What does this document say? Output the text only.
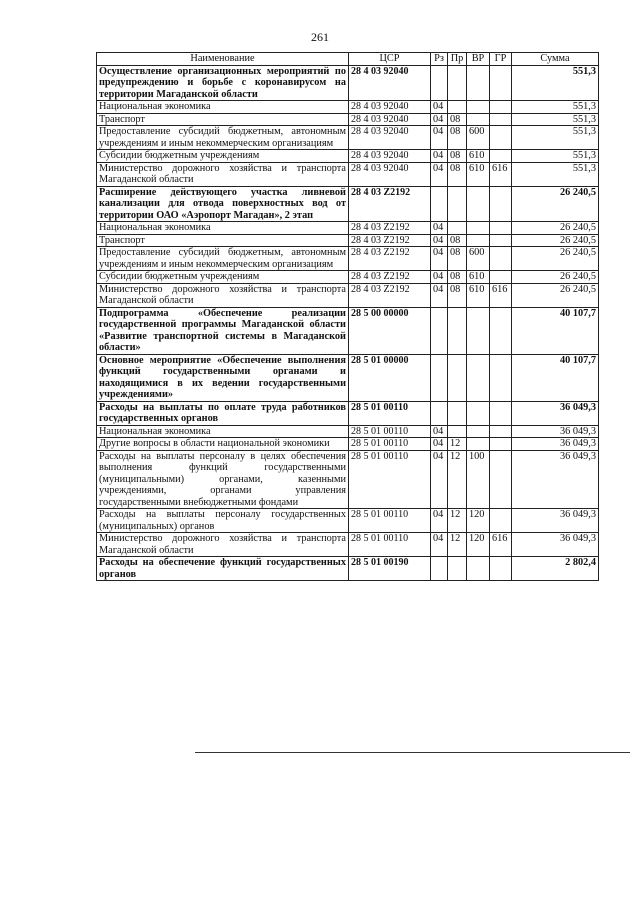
261
Наименование	ЦСР	Рз	Пр	ВР	ГР	Сумма
Осуществление организационных мероприятий по предупреждению и борьбе с коронавирусом на территории Магаданской области	28 4 03 92040					551,3
Национальная экономика	28 4 03 92040	04				551,3
Транспорт	28 4 03 92040	04	08			551,3
Предоставление субсидий бюджетным, автономным учреждениям и иным некоммерческим организациям	28 4 03 92040	04	08	600		551,3
Субсидии бюджетным учреждениям	28 4 03 92040	04	08	610		551,3
Министерство дорожного хозяйства и транспорта Магаданской области	28 4 03 92040	04	08	610	616	551,3
Расширение действующего участка ливневой канализации для отвода поверхностных вод от территории ОАО «Аэропорт Магадан», 2 этап	28 4 03 Z2192					26 240,5
Национальная экономика	28 4 03 Z2192	04				26 240,5
Транспорт	28 4 03 Z2192	04	08			26 240,5
Предоставление субсидий бюджетным, автономным учреждениям и иным некоммерческим организациям	28 4 03 Z2192	04	08	600		26 240,5
Субсидии бюджетным учреждениям	28 4 03 Z2192	04	08	610		26 240,5
Министерство дорожного хозяйства и транспорта Магаданской области	28 4 03 Z2192	04	08	610	616	26 240,5
Подпрограмма «Обеспечение реализации государственной программы Магаданской области «Развитие транспортной системы в Магаданской области»	28 5 00 00000					40 107,7
Основное мероприятие «Обеспечение выполнения функций государственными органами и находящимися в их ведении государственными учреждениями»	28 5 01 00000					40 107,7
Расходы на выплаты по оплате труда работников государственных органов	28 5 01 00110					36 049,3
Национальная экономика	28 5 01 00110	04				36 049,3
Другие вопросы в области национальной экономики	28 5 01 00110	04	12			36 049,3
Расходы на выплаты персоналу в целях обеспечения выполнения функций государственными (муниципальными) органами, казенными учреждениями, органами управления государственными внебюджетными фондами	28 5 01 00110	04	12	100		36 049,3
Расходы на выплаты персоналу государственных (муниципальных) органов	28 5 01 00110	04	12	120		36 049,3
Министерство дорожного хозяйства и транспорта Магаданской области	28 5 01 00110	04	12	120	616	36 049,3
Расходы на обеспечение функций государственных органов	28 5 01 00190					2 802,4
